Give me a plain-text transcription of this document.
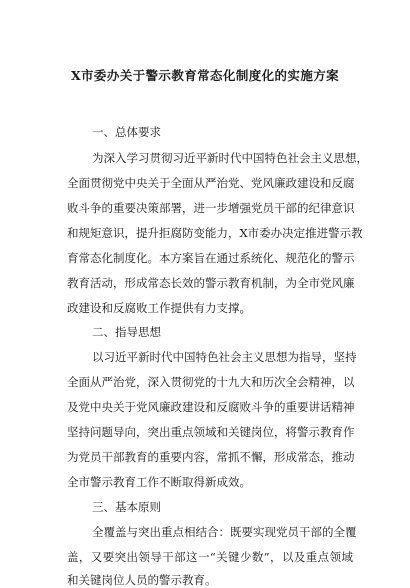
X市委办关于警示教育常态化制度化的实施方案
一、总体要求
为深入学习贯彻习近平新时代中国特色社会主义思想，
全面贯彻党中央关于全面从严治党、党风廉政建设和反腐
败斗争的重要决策部署，进一步增强党员干部的纪律意识
和规矩意识，提升拒腐防变能力，X市委办决定推进警示教
育常态化制度化。本方案旨在通过系统化、规范化的警示
教育活动，形成常态长效的警示教育机制，为全市党风廉
政建设和反腐败工作提供有力支撑。
二、指导思想
以习近平新时代中国特色社会主义思想为指导，坚持
全面从严治党，深入贯彻党的十九大和历次全会精神，以
及党中央关于党风廉政建设和反腐败斗争的重要讲话精神
坚持问题导向，突出重点领域和关键岗位，将警示教育作
为党员干部教育的重要内容，常抓不懈，形成常态，推动
全市警示教育工作不断取得新成效。
三、基本原则
全覆盖与突出重点相结合：既要实现党员干部的全覆
盖，又要突出领导干部这一“关键少数”，以及重点领域
和关键岗位人员的警示教育。
